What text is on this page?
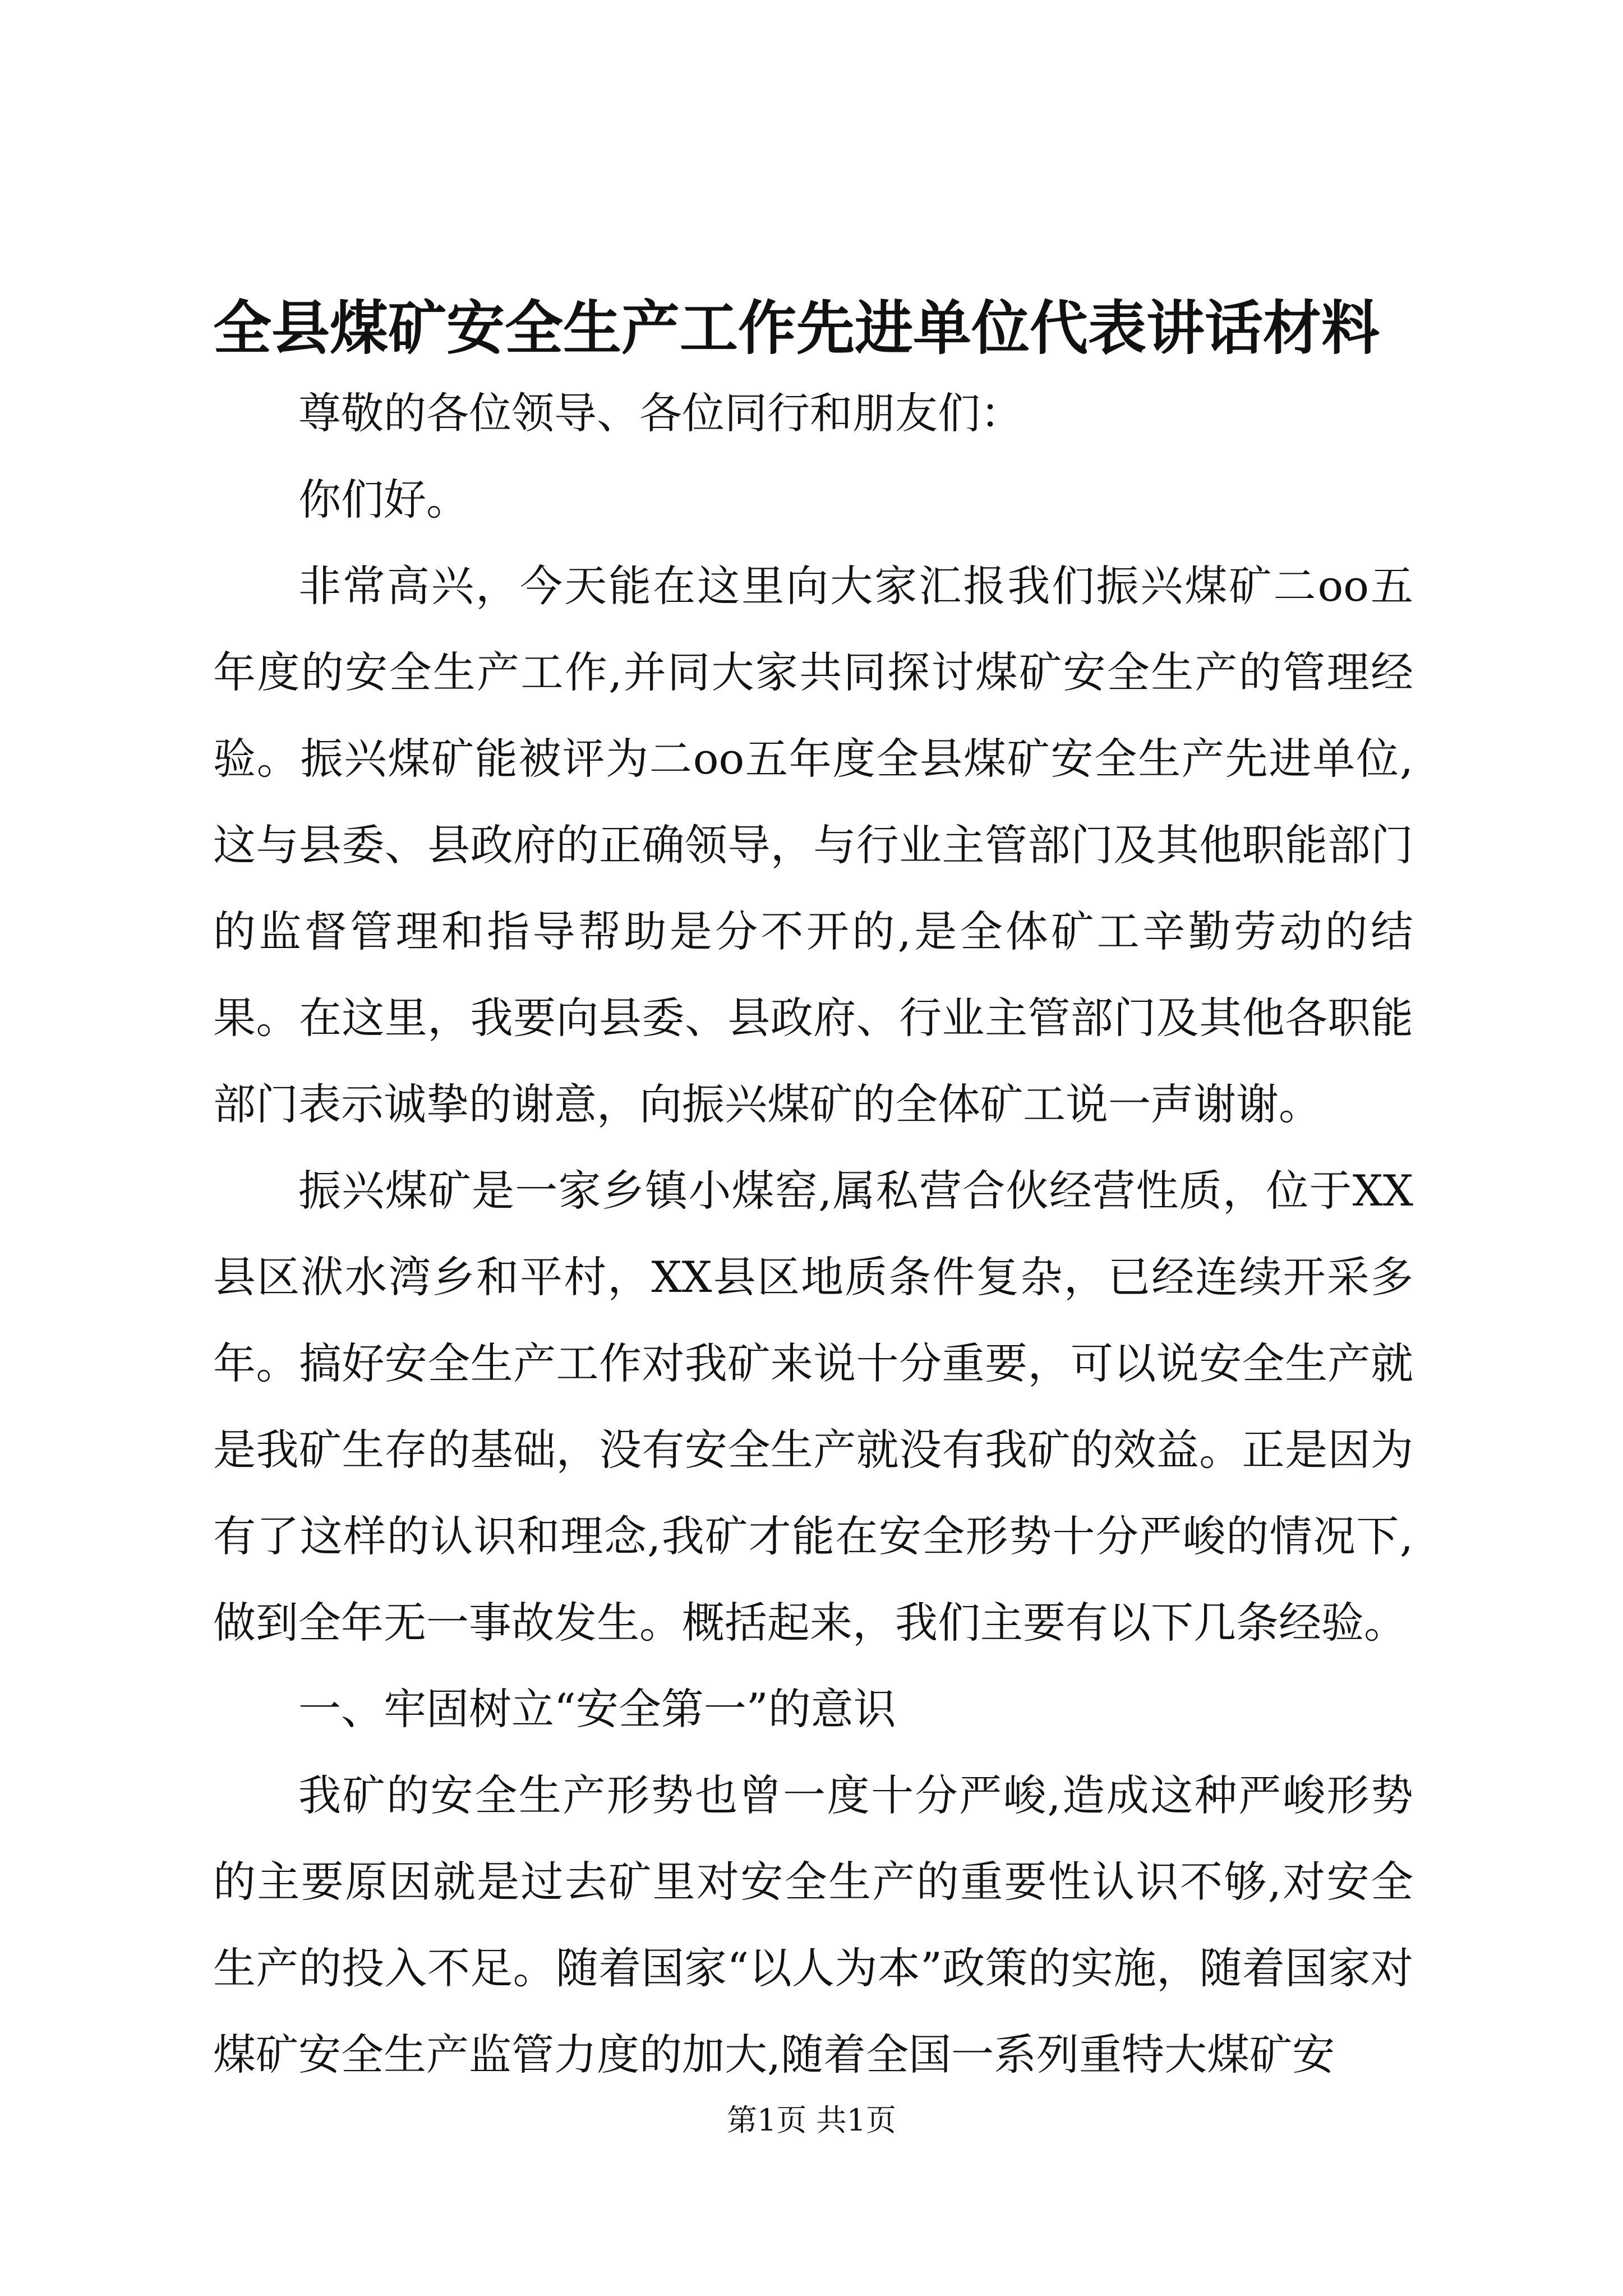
全县煤矿安全生产工作先进单位代表讲话材料

尊敬的各位领导、各位同行和朋友们：

你们好。

非常高兴，今天能在这里向大家汇报我们振兴煤矿二oo五年度的安全生产工作,并同大家共同探讨煤矿安全生产的管理经验。振兴煤矿能被评为二oo五年度全县煤矿安全生产先进单位,这与县委、县政府的正确领导，与行业主管部门及其他职能部门的监督管理和指导帮助是分不开的,是全体矿工辛勤劳动的结果。在这里，我要向县委、县政府、行业主管部门及其他各职能部门表示诚挚的谢意，向振兴煤矿的全体矿工说一声谢谢。

振兴煤矿是一家乡镇小煤窑,属私营合伙经营性质，位于XX县区洑水湾乡和平村，XX县区地质条件复杂，已经连续开采多年。搞好安全生产工作对我矿来说十分重要，可以说安全生产就是我矿生存的基础，没有安全生产就没有我矿的效益。正是因为有了这样的认识和理念,我矿才能在安全形势十分严峻的情况下,做到全年无一事故发生。概括起来，我们主要有以下几条经验。

一、牢固树立“安全第一”的意识

我矿的安全生产形势也曾一度十分严峻,造成这种严峻形势的主要原因就是过去矿里对安全生产的重要性认识不够,对安全生产的投入不足。随着国家“以人为本”政策的实施，随着国家对煤矿安全生产监管力度的加大,随着全国一系列重特大煤矿安

第1页 共1页
